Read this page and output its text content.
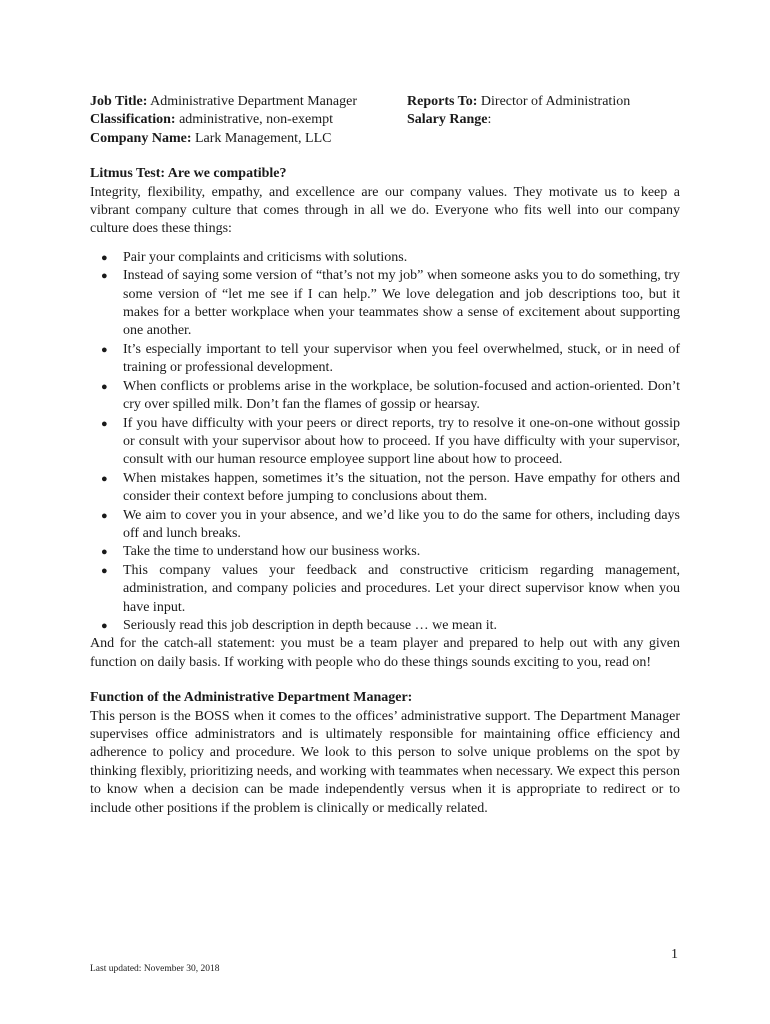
Job Title: Administrative Department Manager	Reports To: Director of Administration
Classification: administrative, non-exempt	Salary Range:
Company Name: Lark Management, LLC
Litmus Test: Are we compatible?
Integrity, flexibility, empathy, and excellence are our company values. They motivate us to keep a vibrant company culture that comes through in all we do. Everyone who fits well into our company culture does these things:
● Pair your complaints and criticisms with solutions.
● Instead of saying some version of “that’s not my job” when someone asks you to do something, try some version of “let me see if I can help.” We love delegation and job descriptions too, but it makes for a better workplace when your teammates show a sense of excitement about supporting one another.
● It’s especially important to tell your supervisor when you feel overwhelmed, stuck, or in need of training or professional development.
● When conflicts or problems arise in the workplace, be solution-focused and action-oriented. Don’t cry over spilled milk. Don’t fan the flames of gossip or hearsay.
● If you have difficulty with your peers or direct reports, try to resolve it one-on-one without gossip or consult with your supervisor about how to proceed. If you have difficulty with your supervisor, consult with our human resource employee support line about how to proceed.
● When mistakes happen, sometimes it’s the situation, not the person. Have empathy for others and consider their context before jumping to conclusions about them.
● We aim to cover you in your absence, and we’d like you to do the same for others, including days off and lunch breaks.
● Take the time to understand how our business works.
● This company values your feedback and constructive criticism regarding management, administration, and company policies and procedures. Let your direct supervisor know when you have input.
● Seriously read this job description in depth because … we mean it.
And for the catch-all statement: you must be a team player and prepared to help out with any given function on daily basis. If working with people who do these things sounds exciting to you, read on!
Function of the Administrative Department Manager:
This person is the BOSS when it comes to the offices’ administrative support. The Department Manager supervises office administrators and is ultimately responsible for maintaining office efficiency and adherence to policy and procedure. We look to this person to solve unique problems on the spot by thinking flexibly, prioritizing needs, and working with teammates when necessary. We expect this person to know when a decision can be made independently versus when it is appropriate to redirect or to include other positions if the problem is clinically or medically related.
1
Last updated: November 30, 2018
